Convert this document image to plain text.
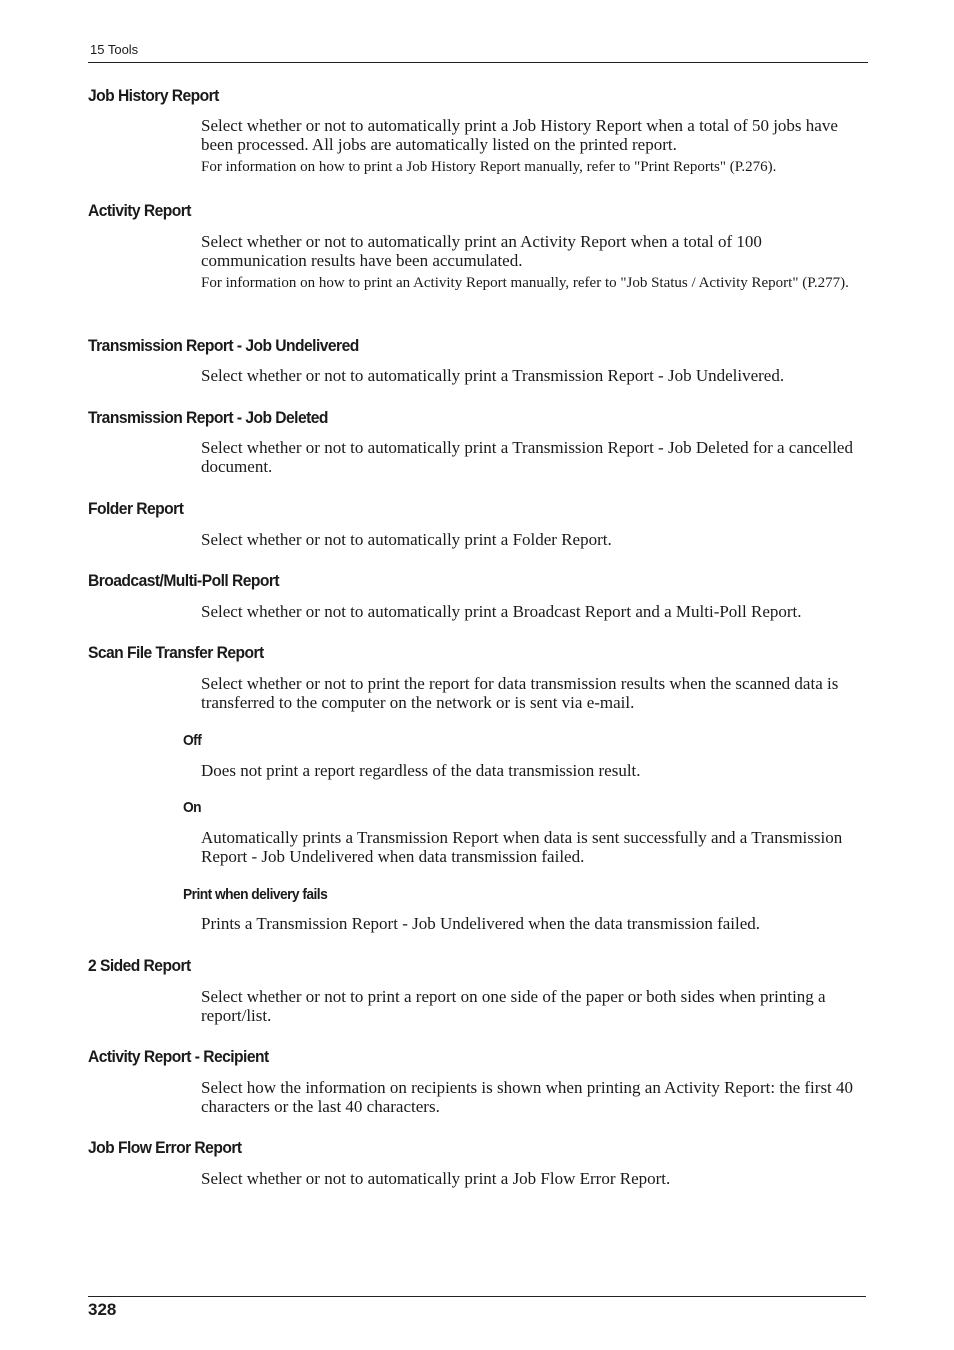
15 Tools
Job History Report
Select whether or not to automatically print a Job History Report when a total of 50 jobs have been processed. All jobs are automatically listed on the printed report.
For information on how to print a Job History Report manually, refer to "Print Reports" (P.276).
Activity Report
Select whether or not to automatically print an Activity Report when a total of 100 communication results have been accumulated.
For information on how to print an Activity Report manually, refer to "Job Status / Activity Report" (P.277).
Transmission Report - Job Undelivered
Select whether or not to automatically print a Transmission Report - Job Undelivered.
Transmission Report - Job Deleted
Select whether or not to automatically print a Transmission Report - Job Deleted for a cancelled document.
Folder Report
Select whether or not to automatically print a Folder Report.
Broadcast/Multi-Poll Report
Select whether or not to automatically print a Broadcast Report and a Multi-Poll Report.
Scan File Transfer Report
Select whether or not to print the report for data transmission results when the scanned data is transferred to the computer on the network or is sent via e-mail.
Off
Does not print a report regardless of the data transmission result.
On
Automatically prints a Transmission Report when data is sent successfully and a Transmission Report - Job Undelivered when data transmission failed.
Print when delivery fails
Prints a Transmission Report - Job Undelivered when the data transmission failed.
2 Sided Report
Select whether or not to print a report on one side of the paper or both sides when printing a report/list.
Activity Report - Recipient
Select how the information on recipients is shown when printing an Activity Report: the first 40 characters or the last 40 characters.
Job Flow Error Report
Select whether or not to automatically print a Job Flow Error Report.
328
